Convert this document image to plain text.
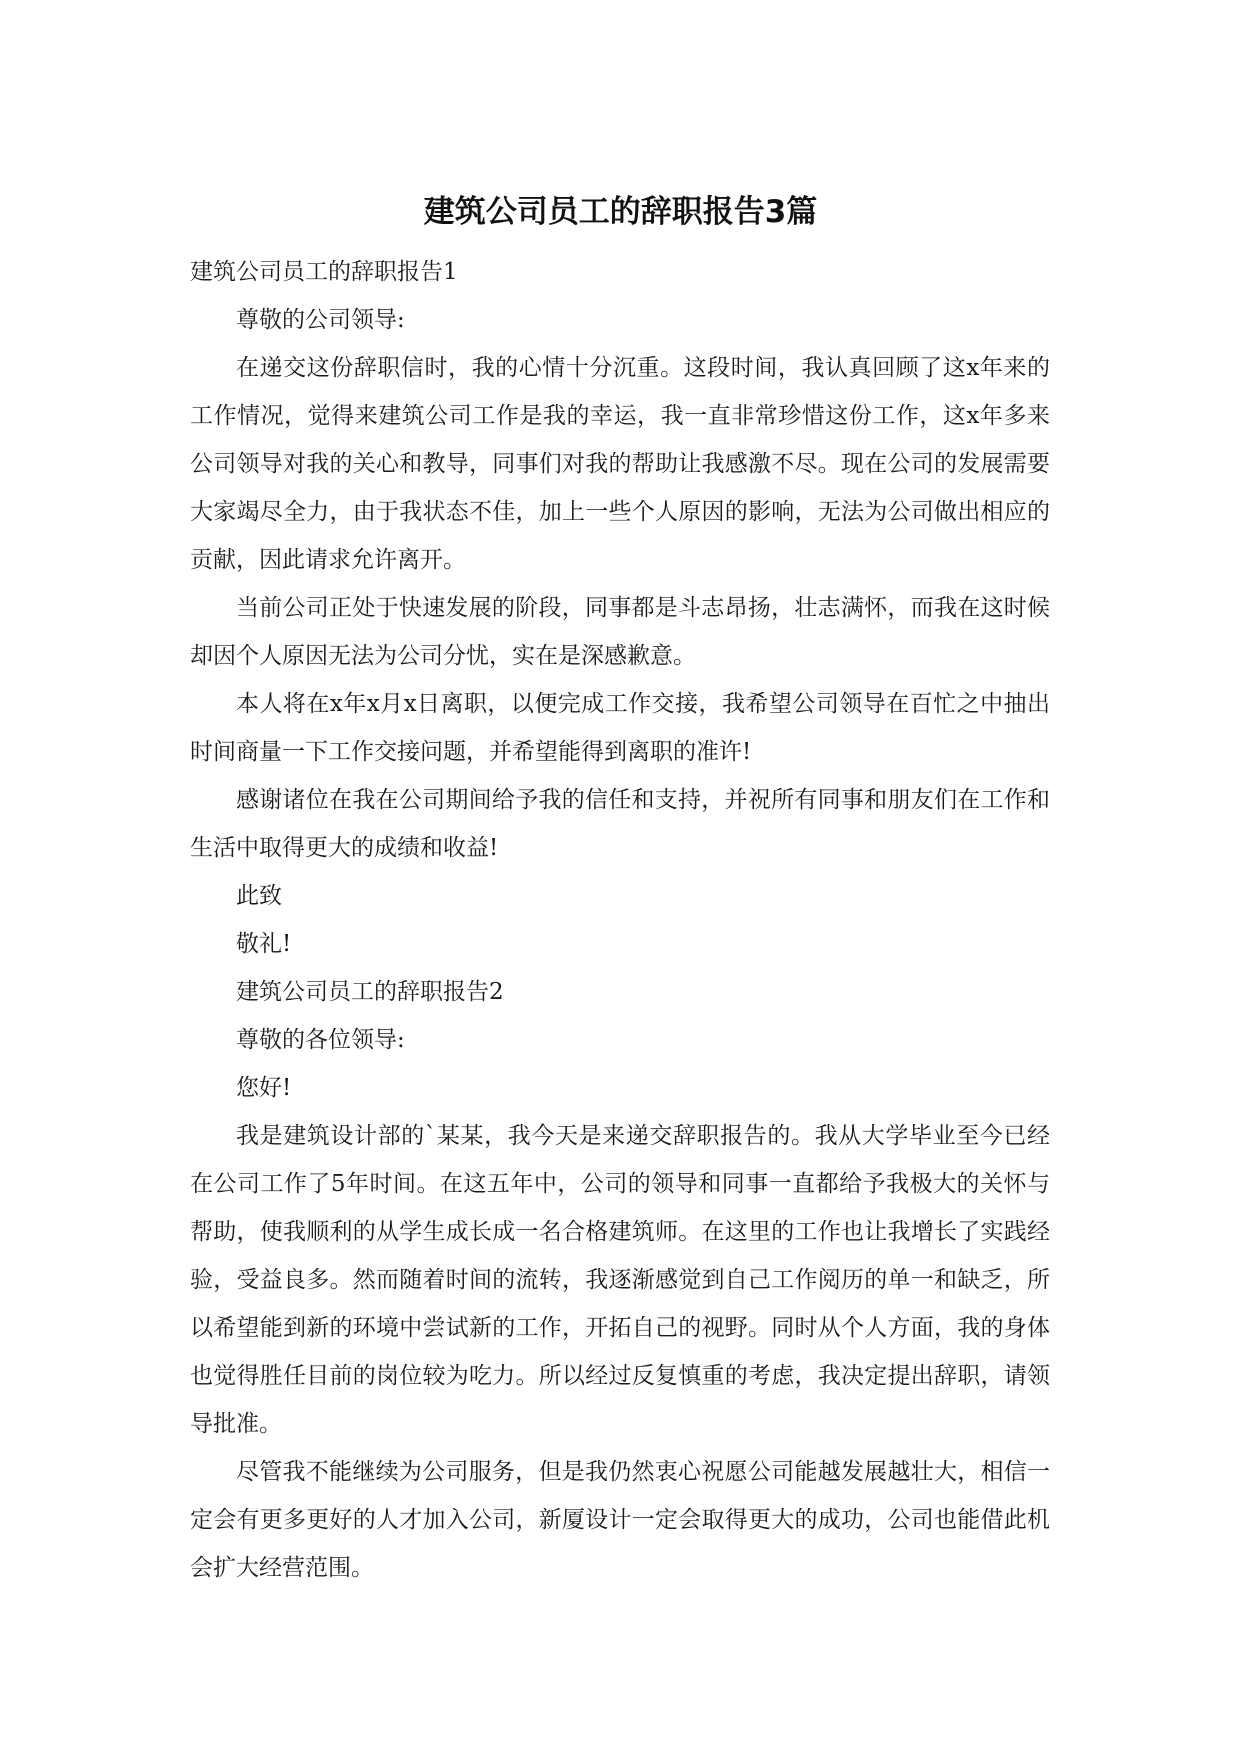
建筑公司员工的辞职报告3篇

建筑公司员工的辞职报告1

尊敬的公司领导:

在递交这份辞职信时，我的心情十分沉重。这段时间，我认真回顾了这x年来的工作情况，觉得来建筑公司工作是我的幸运，我一直非常珍惜这份工作，这x年多来公司领导对我的关心和教导，同事们对我的帮助让我感激不尽。现在公司的发展需要大家竭尽全力，由于我状态不佳，加上一些个人原因的影响，无法为公司做出相应的贡献，因此请求允许离开。

当前公司正处于快速发展的阶段，同事都是斗志昂扬，壮志满怀，而我在这时候却因个人原因无法为公司分忧，实在是深感歉意。

本人将在x年x月x日离职，以便完成工作交接，我希望公司领导在百忙之中抽出时间商量一下工作交接问题，并希望能得到离职的准许!

感谢诸位在我在公司期间给予我的信任和支持，并祝所有同事和朋友们在工作和生活中取得更大的成绩和收益!

此致

敬礼!

建筑公司员工的辞职报告2

尊敬的各位领导:

您好!

我是建筑设计部的`某某，我今天是来递交辞职报告的。我从大学毕业至今已经在公司工作了5年时间。在这五年中，公司的领导和同事一直都给予我极大的关怀与帮助，使我顺利的从学生成长成一名合格建筑师。在这里的工作也让我增长了实践经验，受益良多。然而随着时间的流转，我逐渐感觉到自己工作阅历的单一和缺乏，所以希望能到新的环境中尝试新的工作，开拓自己的视野。同时从个人方面，我的身体也觉得胜任目前的岗位较为吃力。所以经过反复慎重的考虑，我决定提出辞职，请领导批准。

尽管我不能继续为公司服务，但是我仍然衷心祝愿公司能越发展越壮大，相信一定会有更多更好的人才加入公司，新厦设计一定会取得更大的成功，公司也能借此机会扩大经营范围。
